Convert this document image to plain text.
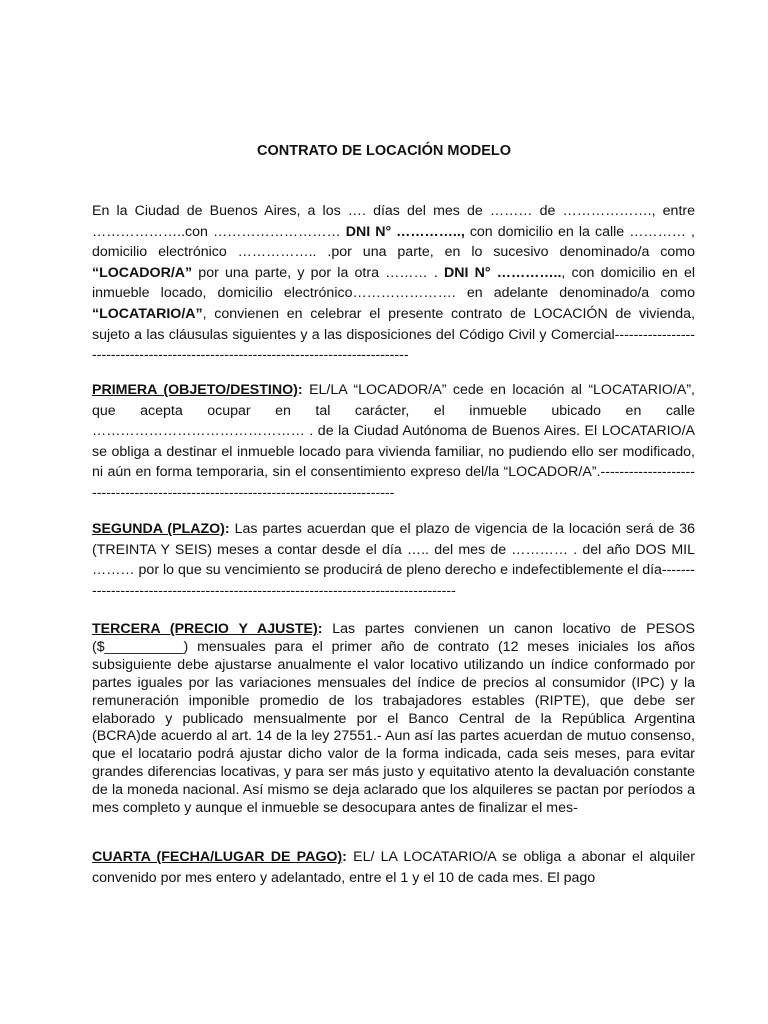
CONTRATO DE LOCACIÓN MODELO
En la Ciudad de Buenos Aires, a los …. días del mes de ……… de ………………., entre ………………..con ……………………… DNI N° ………….., con domicilio en la calle ………… , domicilio electrónico …………….. .por una parte, en lo sucesivo denominado/a como “LOCADOR/A” por una parte, y por la otra ……… . DNI N° ………….., con domicilio en el inmueble locado, domicilio electrónico…………………. en adelante denominado/a como “LOCATARIO/A”, convienen en celebrar el presente contrato de LOCACIÓN de vivienda, sujeto a las cláusulas siguientes y a las disposiciones del Código Civil y Comercial------------------------------------------------------------------------------------
PRIMERA (OBJETO/DESTINO): EL/LA “LOCADOR/A” cede en locación al “LOCATARIO/A”, que acepta ocupar en tal carácter, el inmueble ubicado en calle ……………………………………… . de la Ciudad Autónoma de Buenos Aires. El LOCATARIO/A se obliga a destinar el inmueble locado para vivienda familiar, no pudiendo ello ser modificado, ni aún en forma temporaria, sin el consentimiento expreso del/la “LOCADOR/A”.------------------------------------------------------------------------------------
SEGUNDA (PLAZO): Las partes acuerdan que el plazo de vigencia de la locación será de 36 (TREINTA Y SEIS) meses a contar desde el día ….. del mes de ………… . del año DOS MIL ……… por lo que su vencimiento se producirá de pleno derecho e indefectiblemente el día------------------------------------------------------------------------------------
TERCERA (PRECIO Y AJUSTE): Las partes convienen un canon locativo de PESOS ($__________) mensuales para el primer año de contrato (12 meses iniciales los años subsiguiente debe ajustarse anualmente el valor locativo utilizando un índice conformado por partes iguales por las variaciones mensuales del índice de precios al consumidor (IPC) y la remuneración imponible promedio de los trabajadores estables (RIPTE), que debe ser elaborado y publicado mensualmente por el Banco Central de la República Argentina (BCRA)de acuerdo al art. 14 de la ley 27551.- Aun así las partes acuerdan de mutuo consenso, que el locatario podrá ajustar dicho valor de la forma indicada, cada seis meses, para evitar grandes diferencias locativas, y para ser más justo y equitativo atento la devaluación constante de la moneda nacional. Así mismo se deja aclarado que los alquileres se pactan por períodos a mes completo y aunque el inmueble se desocupara antes de finalizar el mes-
CUARTA (FECHA/LUGAR DE PAGO): EL/ LA LOCATARIO/A se obliga a abonar el alquiler convenido por mes entero y adelantado, entre el 1 y el 10 de cada mes. El pago
